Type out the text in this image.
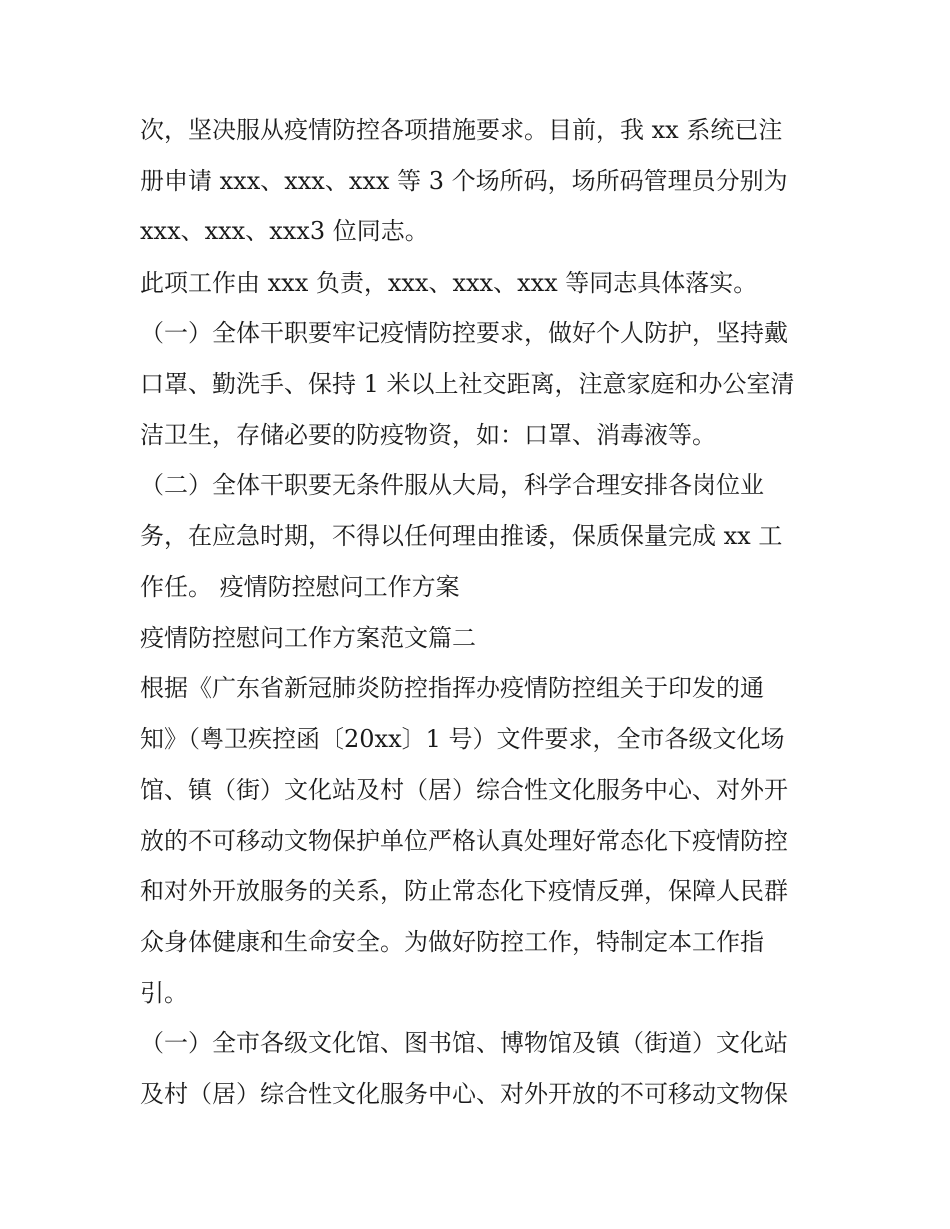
次，坚决服从疫情防控各项措施要求。目前，我 xx 系统已注
册申请 xxx、xxx、xxx 等 3 个场所码，场所码管理员分别为
xxx、xxx、xxx3 位同志。
此项工作由 xxx 负责，xxx、xxx、xxx 等同志具体落实。
（一）全体干职要牢记疫情防控要求，做好个人防护，坚持戴
口罩、勤洗手、保持 1 米以上社交距离，注意家庭和办公室清
洁卫生，存储必要的防疫物资，如：口罩、消毒液等。
（二）全体干职要无条件服从大局，科学合理安排各岗位业
务，在应急时期，不得以任何理由推诿，保质保量完成 xx 工
作任。 疫情防控慰问工作方案
疫情防控慰问工作方案范文篇二
根据《广东省新冠肺炎防控指挥办疫情防控组关于印发的通
知》（粤卫疾控函〔20xx〕1 号）文件要求，全市各级文化场
馆、镇（街）文化站及村（居）综合性文化服务中心、对外开
放的不可移动文物保护单位严格认真处理好常态化下疫情防控
和对外开放服务的关系，防止常态化下疫情反弹，保障人民群
众身体健康和生命安全。为做好防控工作，特制定本工作指
引。
（一）全市各级文化馆、图书馆、博物馆及镇（街道）文化站
及村（居）综合性文化服务中心、对外开放的不可移动文物保
